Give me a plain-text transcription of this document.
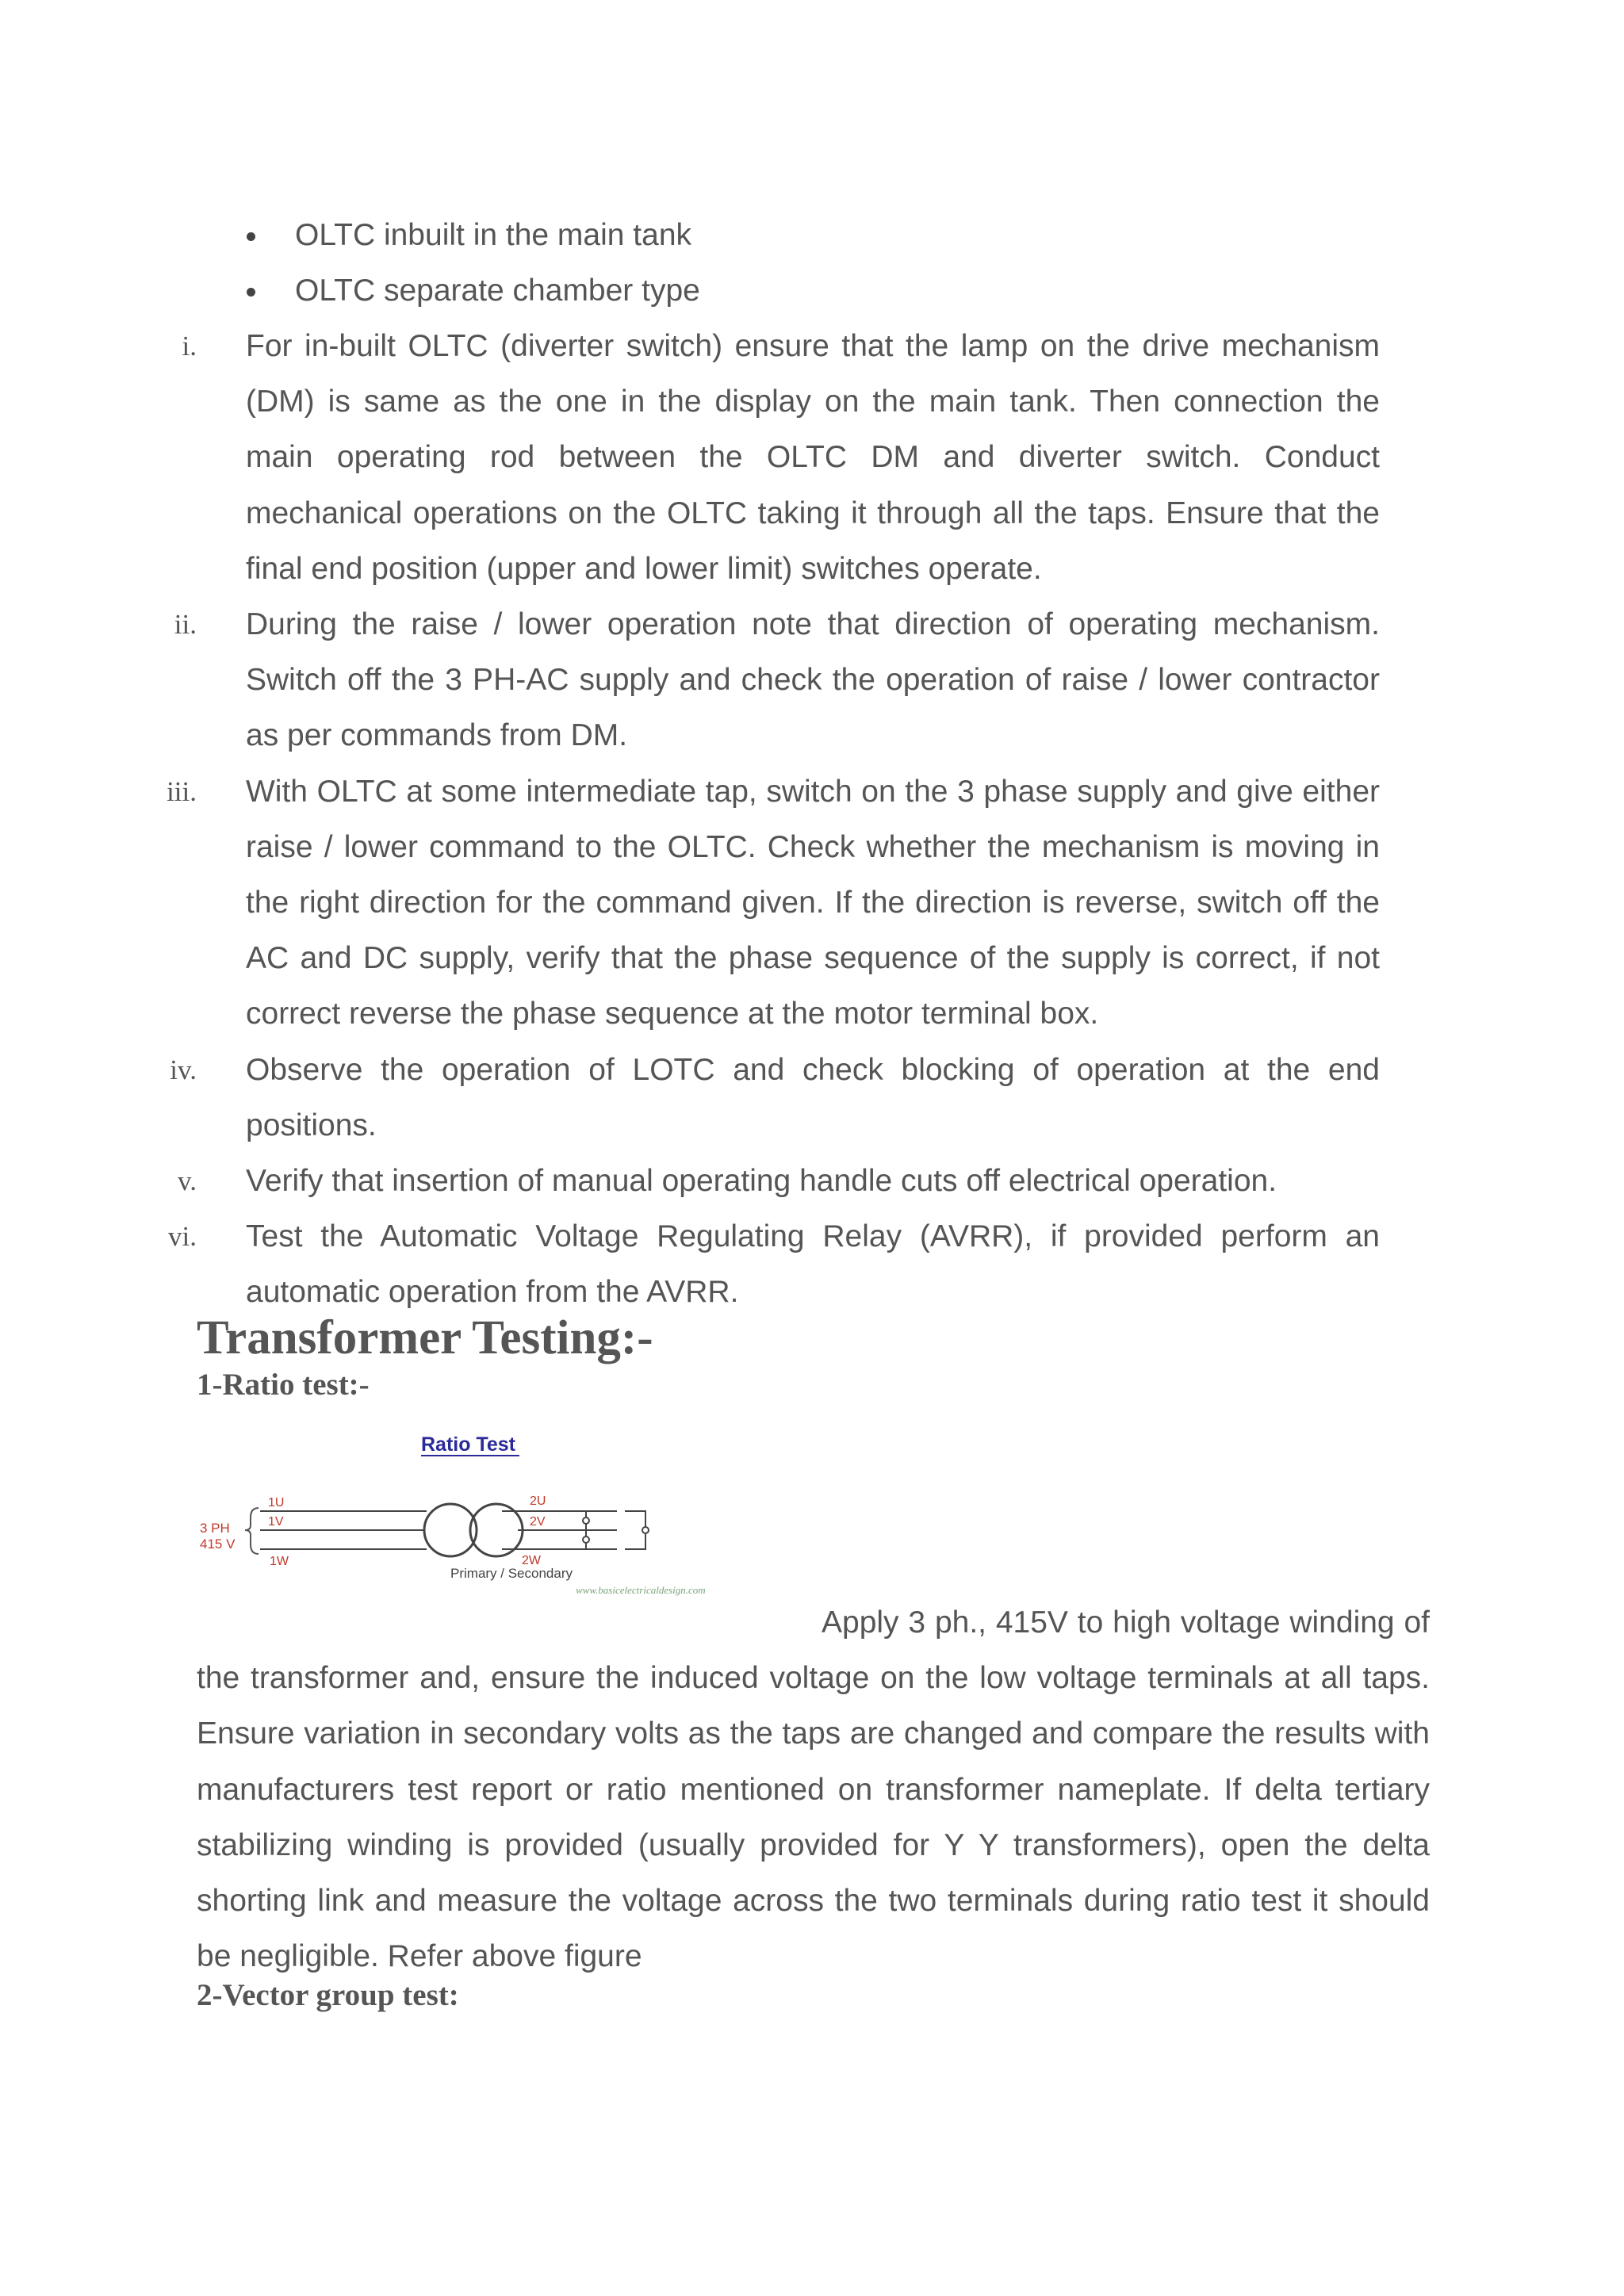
OLTC inbuilt in the main tank
OLTC separate chamber type
i.	For in-built OLTC (diverter switch) ensure that the lamp on the drive mechanism (DM) is same as the one in the display on the main tank. Then connection the main operating rod between the OLTC DM and diverter switch. Conduct mechanical operations on the OLTC taking it through all the taps. Ensure that the final end position (upper and lower limit) switches operate.
ii.	During the raise / lower operation note that direction of operating mechanism. Switch off the 3 PH-AC supply and check the operation of raise / lower contractor as per commands from DM.
iii.	With OLTC at some intermediate tap, switch on the 3 phase supply and give either raise / lower command to the OLTC. Check whether the mechanism is moving in the right direction for the command given. If the direction is reverse, switch off the AC and DC supply, verify that the phase sequence of the supply is correct, if not correct reverse the phase sequence at the motor terminal box.
iv.	Observe the operation of LOTC and check blocking of operation at the end positions.
v.	Verify that insertion of manual operating handle cuts off electrical operation.
vi.	Test the Automatic Voltage Regulating Relay (AVRR), if provided perform an automatic operation from the AVRR.
Transformer Testing:-
1-Ratio test:-
Ratio Test
3 PH
415 V
1U
1V
1W
2U
2V
2W
Primary / Secondary
www.basicelectricaldesign.com
Apply 3 ph., 415V to high voltage winding of the transformer and, ensure the induced voltage on the low voltage terminals at all taps. Ensure variation in secondary volts as the taps are changed and compare the results with manufacturers test report or ratio mentioned on transformer nameplate. If delta tertiary stabilizing winding is provided (usually provided for Y Y transformers), open the delta shorting link and measure the voltage across the two terminals during ratio test it should be negligible. Refer above figure
2-Vector group test:
